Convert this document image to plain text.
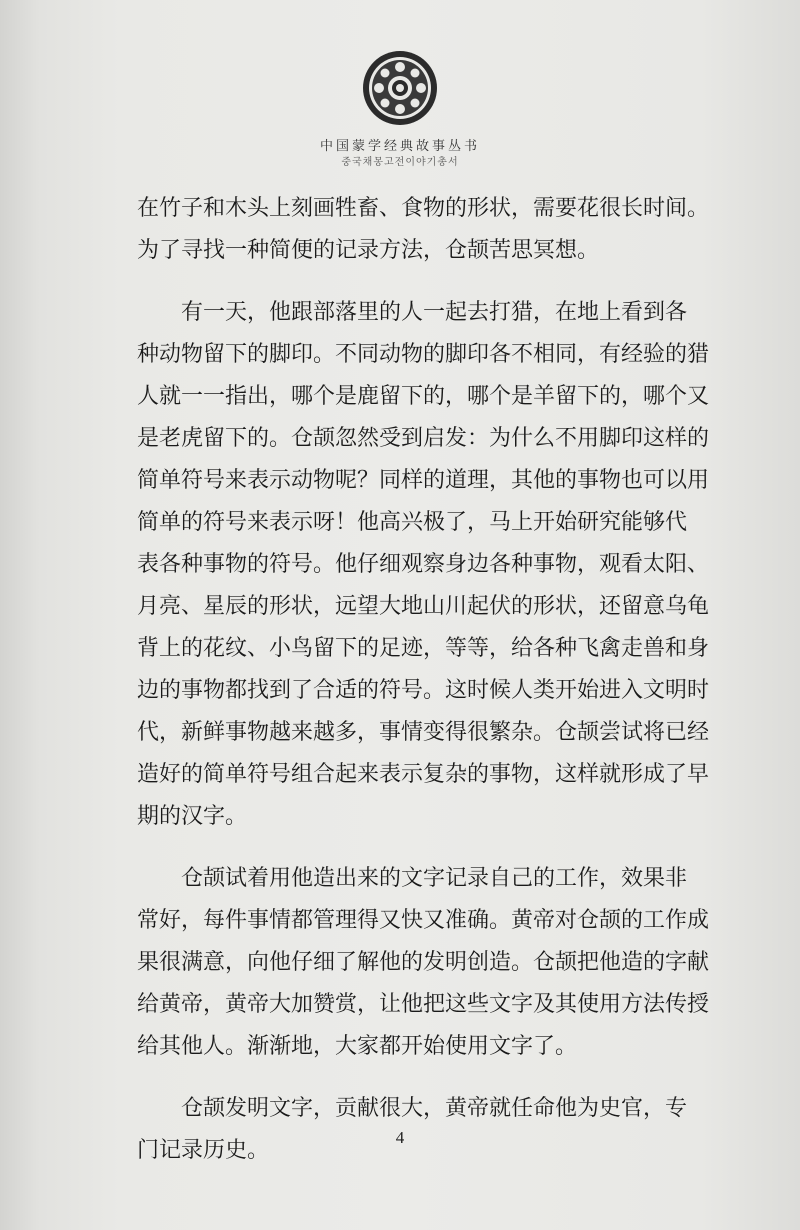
中国蒙学经典故事丛书
중국채몽고전이야기총서
在竹子和木头上刻画牲畜、食物的形状，需要花很长时间。
为了寻找一种简便的记录方法，仓颉苦思冥想。
有一天，他跟部落里的人一起去打猎，在地上看到各
种动物留下的脚印。不同动物的脚印各不相同，有经验的猎
人就一一指出，哪个是鹿留下的，哪个是羊留下的，哪个又
是老虎留下的。仓颉忽然受到启发：为什么不用脚印这样的
简单符号来表示动物呢？同样的道理，其他的事物也可以用
简单的符号来表示呀！他高兴极了，马上开始研究能够代
表各种事物的符号。他仔细观察身边各种事物，观看太阳、
月亮、星辰的形状，远望大地山川起伏的形状，还留意乌龟
背上的花纹、小鸟留下的足迹，等等，给各种飞禽走兽和身
边的事物都找到了合适的符号。这时候人类开始进入文明时
代，新鲜事物越来越多，事情变得很繁杂。仓颉尝试将已经
造好的简单符号组合起来表示复杂的事物，这样就形成了早
期的汉字。
仓颉试着用他造出来的文字记录自己的工作，效果非
常好，每件事情都管理得又快又准确。黄帝对仓颉的工作成
果很满意，向他仔细了解他的发明创造。仓颉把他造的字献
给黄帝，黄帝大加赞赏，让他把这些文字及其使用方法传授
给其他人。渐渐地，大家都开始使用文字了。
仓颉发明文字，贡献很大，黄帝就任命他为史官，专
门记录历史。
4
